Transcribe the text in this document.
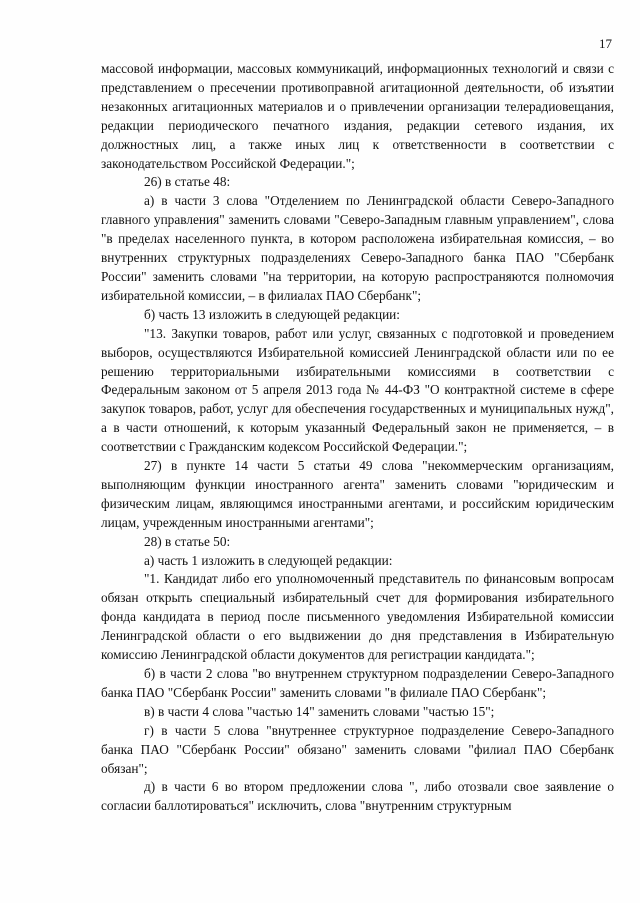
17

массовой информации, массовых коммуникаций, информационных технологий и связи с представлением о пресечении противоправной агитационной деятельности, об изъятии незаконных агитационных материалов и о привлечении организации телерадиовещания, редакции периодического печатного издания, редакции сетевого издания, их должностных лиц, а также иных лиц к ответственности в соответствии с законодательством Российской Федерации.";

26) в статье 48:

а) в части 3 слова "Отделением по Ленинградской области Северо-Западного главного управления" заменить словами "Северо-Западным главным управлением", слова "в пределах населенного пункта, в котором расположена избирательная комиссия, – во внутренних структурных подразделениях Северо-Западного банка ПАО "Сбербанк России" заменить словами "на территории, на которую распространяются полномочия избирательной комиссии, – в филиалах ПАО Сбербанк";

б) часть 13 изложить в следующей редакции:

"13. Закупки товаров, работ или услуг, связанных с подготовкой и проведением выборов, осуществляются Избирательной комиссией Ленинградской области или по ее решению территориальными избирательными комиссиями в соответствии с Федеральным законом от 5 апреля 2013 года № 44-ФЗ "О контрактной системе в сфере закупок товаров, работ, услуг для обеспечения государственных и муниципальных нужд", а в части отношений, к которым указанный Федеральный закон не применяется, – в соответствии с Гражданским кодексом Российской Федерации.";

27) в пункте 14 части 5 статьи 49 слова "некоммерческим организациям, выполняющим функции иностранного агента" заменить словами "юридическим и физическим лицам, являющимся иностранными агентами, и российским юридическим лицам, учрежденным иностранными агентами";

28) в статье 50:

а) часть 1 изложить в следующей редакции:

"1. Кандидат либо его уполномоченный представитель по финансовым вопросам обязан открыть специальный избирательный счет для формирования избирательного фонда кандидата в период после письменного уведомления Избирательной комиссии Ленинградской области о его выдвижении до дня представления в Избирательную комиссию Ленинградской области документов для регистрации кандидата.";

б) в части 2 слова "во внутреннем структурном подразделении Северо-Западного банка ПАО "Сбербанк России" заменить словами "в филиале ПАО Сбербанк";

в) в части 4 слова "частью 14" заменить словами "частью 15";

г) в части 5 слова "внутреннее структурное подразделение Северо-Западного банка ПАО "Сбербанк России" обязано" заменить словами "филиал ПАО Сбербанк обязан";

д) в части 6 во втором предложении слова ", либо отозвали свое заявление о согласии баллотироваться" исключить, слова "внутренним структурным
